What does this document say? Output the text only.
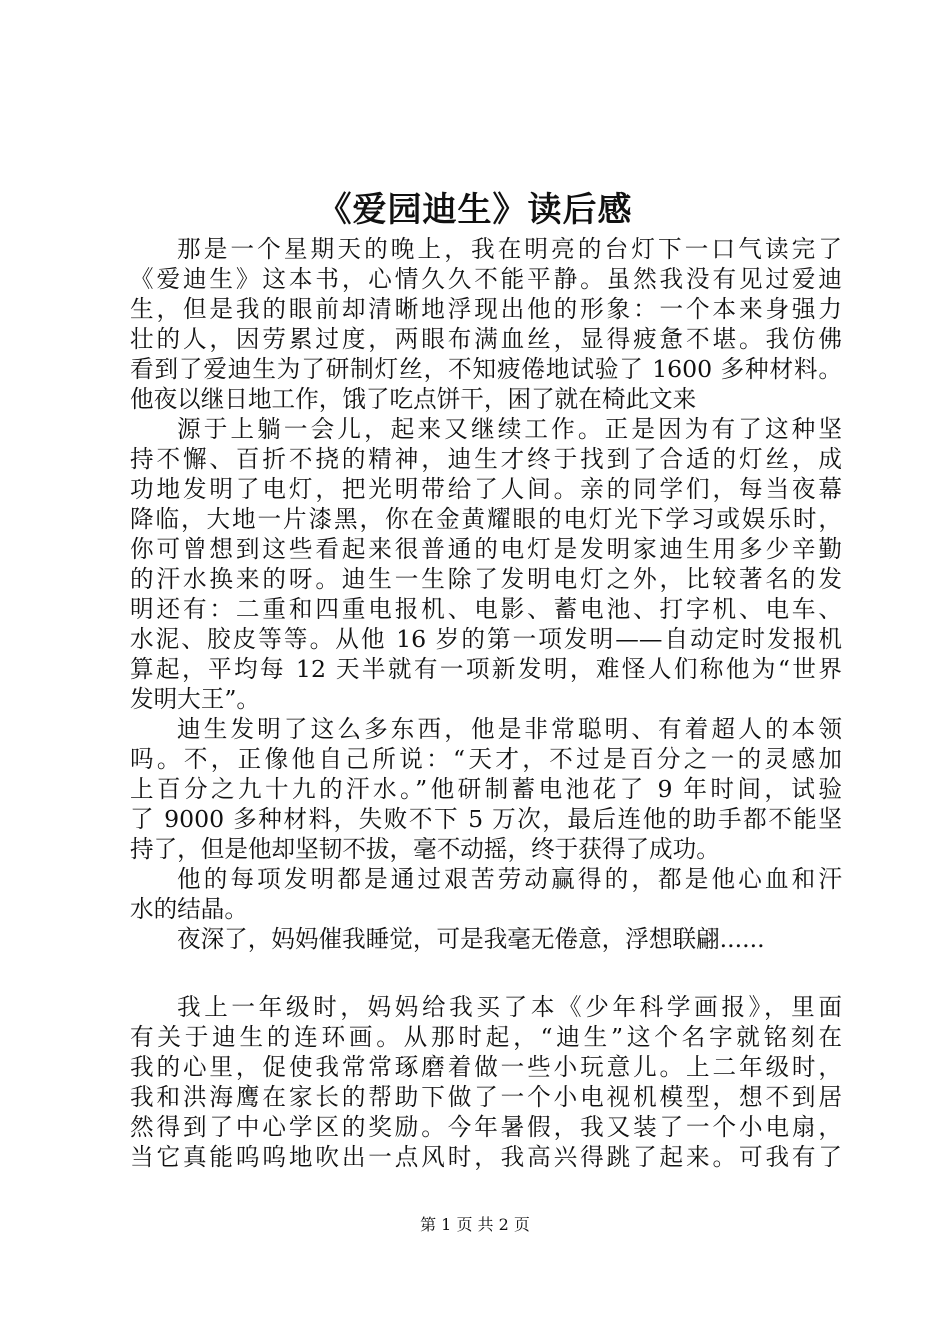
《爱园迪生》读后感
那是一个星期天的晚上，我在明亮的台灯下一口气读完了
《爱迪生》这本书，心情久久不能平静。虽然我没有见过爱迪
生，但是我的眼前却清晰地浮现出他的形象：一个本来身强力
壮的人，因劳累过度，两眼布满血丝，显得疲惫不堪。我仿佛
看到了爱迪生为了研制灯丝，不知疲倦地试验了 1600 多种材料。
他夜以继日地工作，饿了吃点饼干，困了就在椅此文来
源于上躺一会儿，起来又继续工作。正是因为有了这种坚
持不懈、百折不挠的精神，迪生才终于找到了合适的灯丝，成
功地发明了电灯，把光明带给了人间。亲的同学们，每当夜幕
降临，大地一片漆黑，你在金黄耀眼的电灯光下学习或娱乐时，
你可曾想到这些看起来很普通的电灯是发明家迪生用多少辛勤
的汗水换来的呀。迪生一生除了发明电灯之外，比较著名的发
明还有：二重和四重电报机、电影、蓄电池、打字机、电车、
水泥、胶皮等等。从他 16 岁的第一项发明——自动定时发报机
算起，平均每 12 天半就有一项新发明，难怪人们称他为“世界
发明大王”。
迪生发明了这么多东西，他是非常聪明、有着超人的本领
吗。不，正像他自己所说：“天才，不过是百分之一的灵感加
上百分之九十九的汗水。”他研制蓄电池花了 9 年时间，试验
了 9000 多种材料，失败不下 5 万次，最后连他的助手都不能坚
持了，但是他却坚韧不拔，毫不动摇，终于获得了成功。
他的每项发明都是通过艰苦劳动赢得的，都是他心血和汗
水的结晶。
夜深了，妈妈催我睡觉，可是我毫无倦意，浮想联翩......
我上一年级时，妈妈给我买了本《少年科学画报》，里面
有关于迪生的连环画。从那时起，“迪生”这个名字就铭刻在
我的心里，促使我常常琢磨着做一些小玩意儿。上二年级时，
我和洪海鹰在家长的帮助下做了一个小电视机模型，想不到居
然得到了中心学区的奖励。今年暑假，我又装了一个小电扇，
当它真能呜呜地吹出一点风时，我高兴得跳了起来。可我有了
第 1 页 共 2 页
